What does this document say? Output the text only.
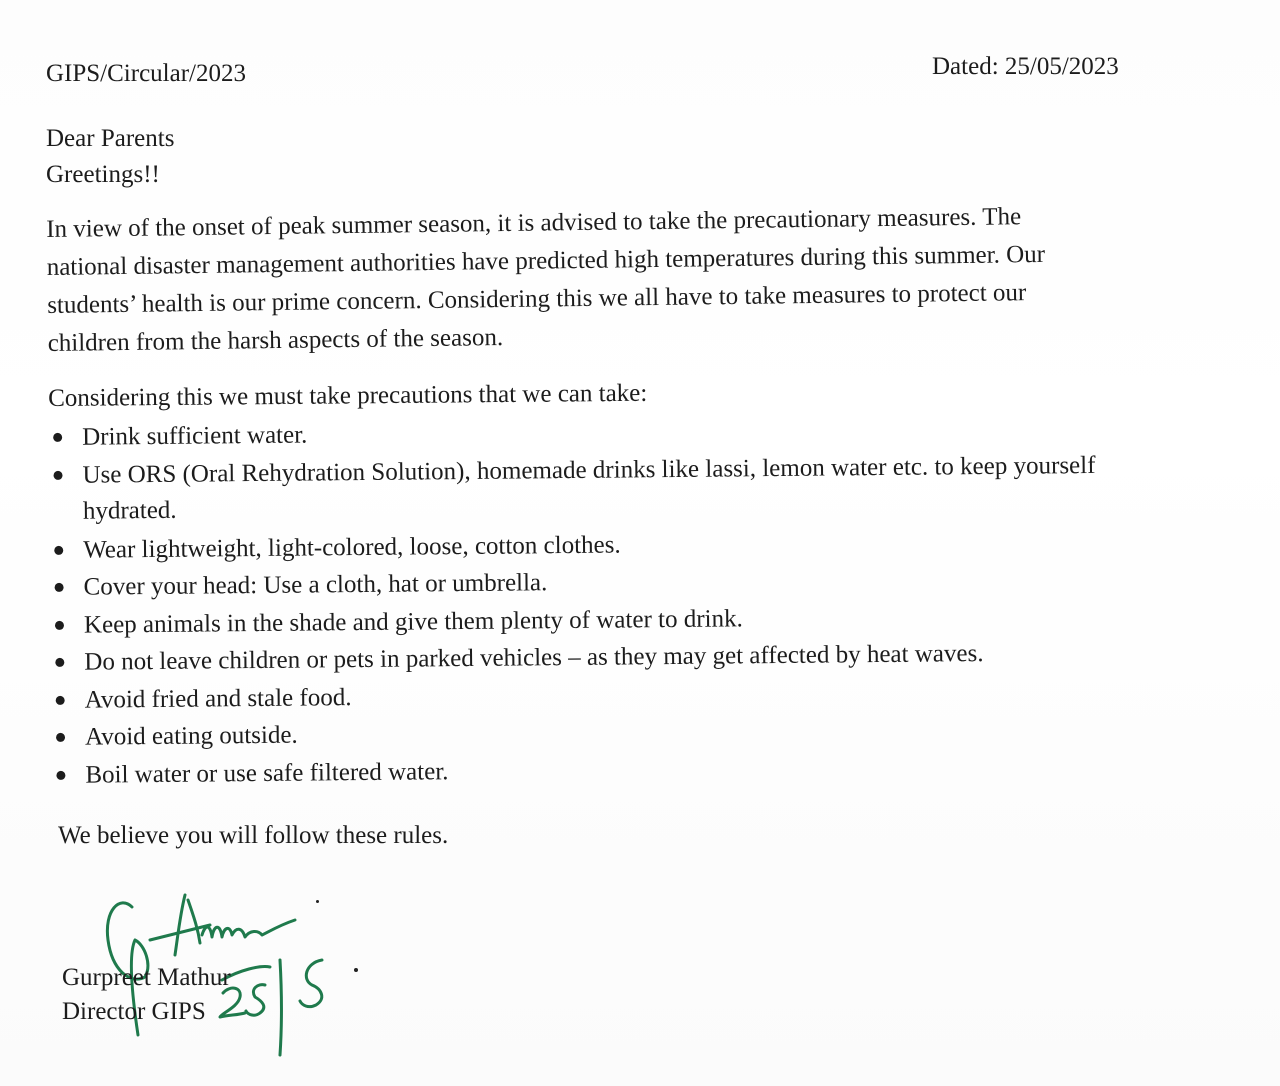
GIPS/Circular/2023	Dated: 25/05/2023
Dear Parents
Greetings!!
In view of the onset of peak summer season, it is advised to take the precautionary measures. The
national disaster management authorities have predicted high temperatures during this summer. Our
students’ health is our prime concern. Considering this we all have to take measures to protect our
children from the harsh aspects of the season.
Considering this we must take precautions that we can take:
Drink sufficient water.
Use ORS (Oral Rehydration Solution), homemade drinks like lassi, lemon water etc. to keep yourself
hydrated.
Wear lightweight, light-colored, loose, cotton clothes.
Cover your head: Use a cloth, hat or umbrella.
Keep animals in the shade and give them plenty of water to drink.
Do not leave children or pets in parked vehicles – as they may get affected by heat waves.
Avoid fried and stale food.
Avoid eating outside.
Boil water or use safe filtered water.
We believe you will follow these rules.
Gurpreet Mathur
Director GIPS
